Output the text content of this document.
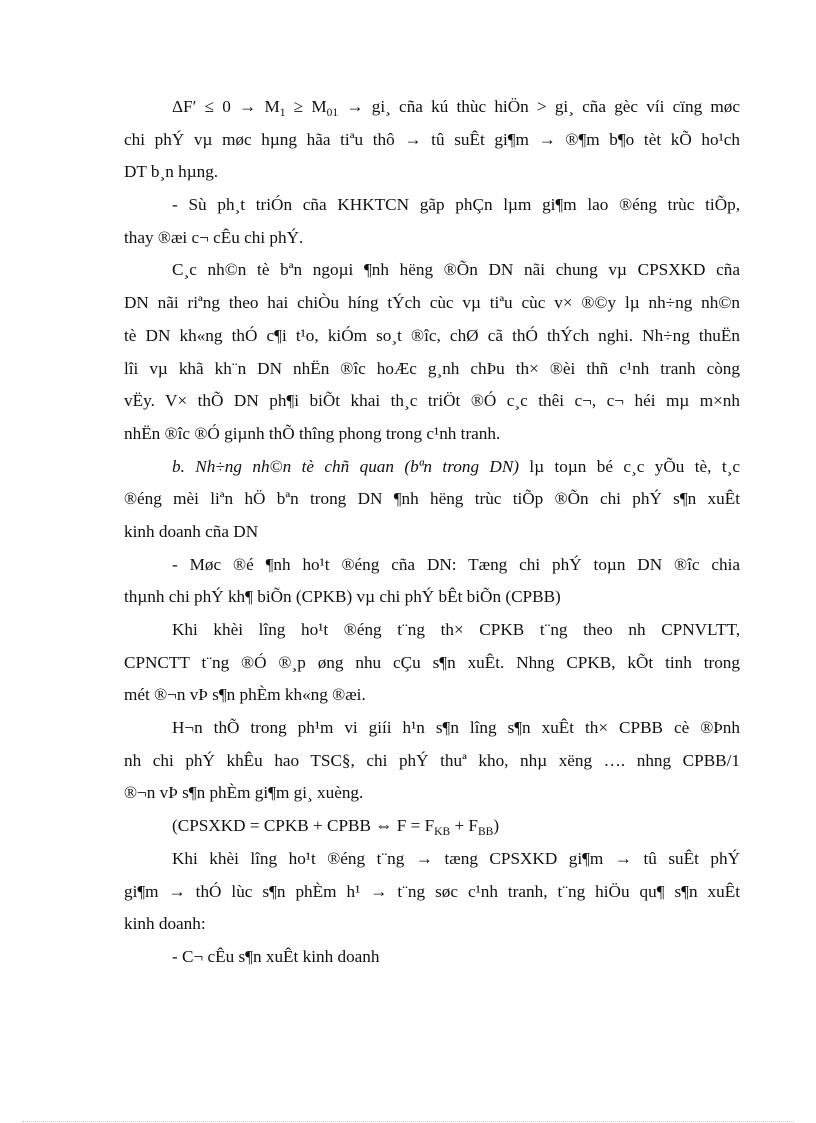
$\Delta F' \le 0 \to M_1 \ge M_{01}$ → gi¸ cña kú thùc hiÖn > gi¸ cña gèc víi cïng møc
chi phÝ vµ møc hµng hãa tiªu thô → tû suÊt gi¶m → ®¶m b¶o tèt kÕ ho¹ch
DT b¸n hµng.
- Sù ph¸t triÓn cña KHKTCN gãp phÇn lµm gi¶m lao ®éng trùc tiÕp,
thay ®æi c¬ cÊu chi phÝ.
C¸c nh©n tè bªn ngoµi ¶nh hëng ®Õn DN nãi chung vµ CPSXKD cña
DN nãi riªng theo hai chiÒu híng tÝch cùc vµ tiªu cùc v× ®©y lµ nh÷ng nh©n
tè DN kh«ng thÓ c¶i t¹o, kiÓm so¸t ®îc, chØ cã thÓ thÝch nghi. Nh÷ng thuËn
lîi vµ khã kh¨n DN nhËn ®îc hoÆc g¸nh chÞu th× ®èi thñ c¹nh tranh còng
vËy. V× thÕ DN ph¶i biÕt khai th¸c triÖt ®Ó c¸c thêi c¬, c¬ héi mµ m×nh
nhËn ®îc ®Ó giµnh thÕ thîng phong trong c¹nh tranh.
b. Nh÷ng nh©n tè chñ quan (bªn trong DN) lµ toµn bé c¸c yÕu tè, t¸c
®éng mèi liªn hÖ bªn trong DN ¶nh hëng trùc tiÕp ®Õn chi phÝ s¶n xuÊt
kinh doanh cña DN
- Møc ®é ¶nh ho¹t ®éng cña DN: Tæng chi phÝ toµn DN ®îc chia
thµnh chi phÝ kh¶ biÕn (CPKB) vµ chi phÝ bÊt biÕn (CPBB)
Khi khèi lîng ho¹t ®éng t¨ng th× CPKB t¨ng theo nh CPNVLTT,
CPNCTT t¨ng ®Ó ®¸p øng nhu cÇu s¶n xuÊt. Nhng CPKB, kÕt tinh trong
mét ®¬n vÞ s¶n phÈm kh«ng ®æi.
H¬n thÕ trong ph¹m vi giíi h¹n s¶n lîng s¶n xuÊt th× CPBB cè ®Þnh
nh chi phÝ khÊu hao TSC§, chi phÝ thuª kho, nhµ xëng …. nhng CPBB/1
®¬n vÞ s¶n phÈm gi¶m gi¸ xuèng.
(CPSXKD = CPKB + CPBB ⇔ $F = F_{KB} + F_{BB}$)
Khi khèi lîng ho¹t ®éng t¨ng → tæng CPSXKD gi¶m → tû suÊt phÝ
gi¶m → thÓ lùc s¶n phÈm h¹ → t¨ng søc c¹nh tranh, t¨ng hiÖu qu¶ s¶n xuÊt
kinh doanh:
- C¬ cÊu s¶n xuÊt kinh doanh
